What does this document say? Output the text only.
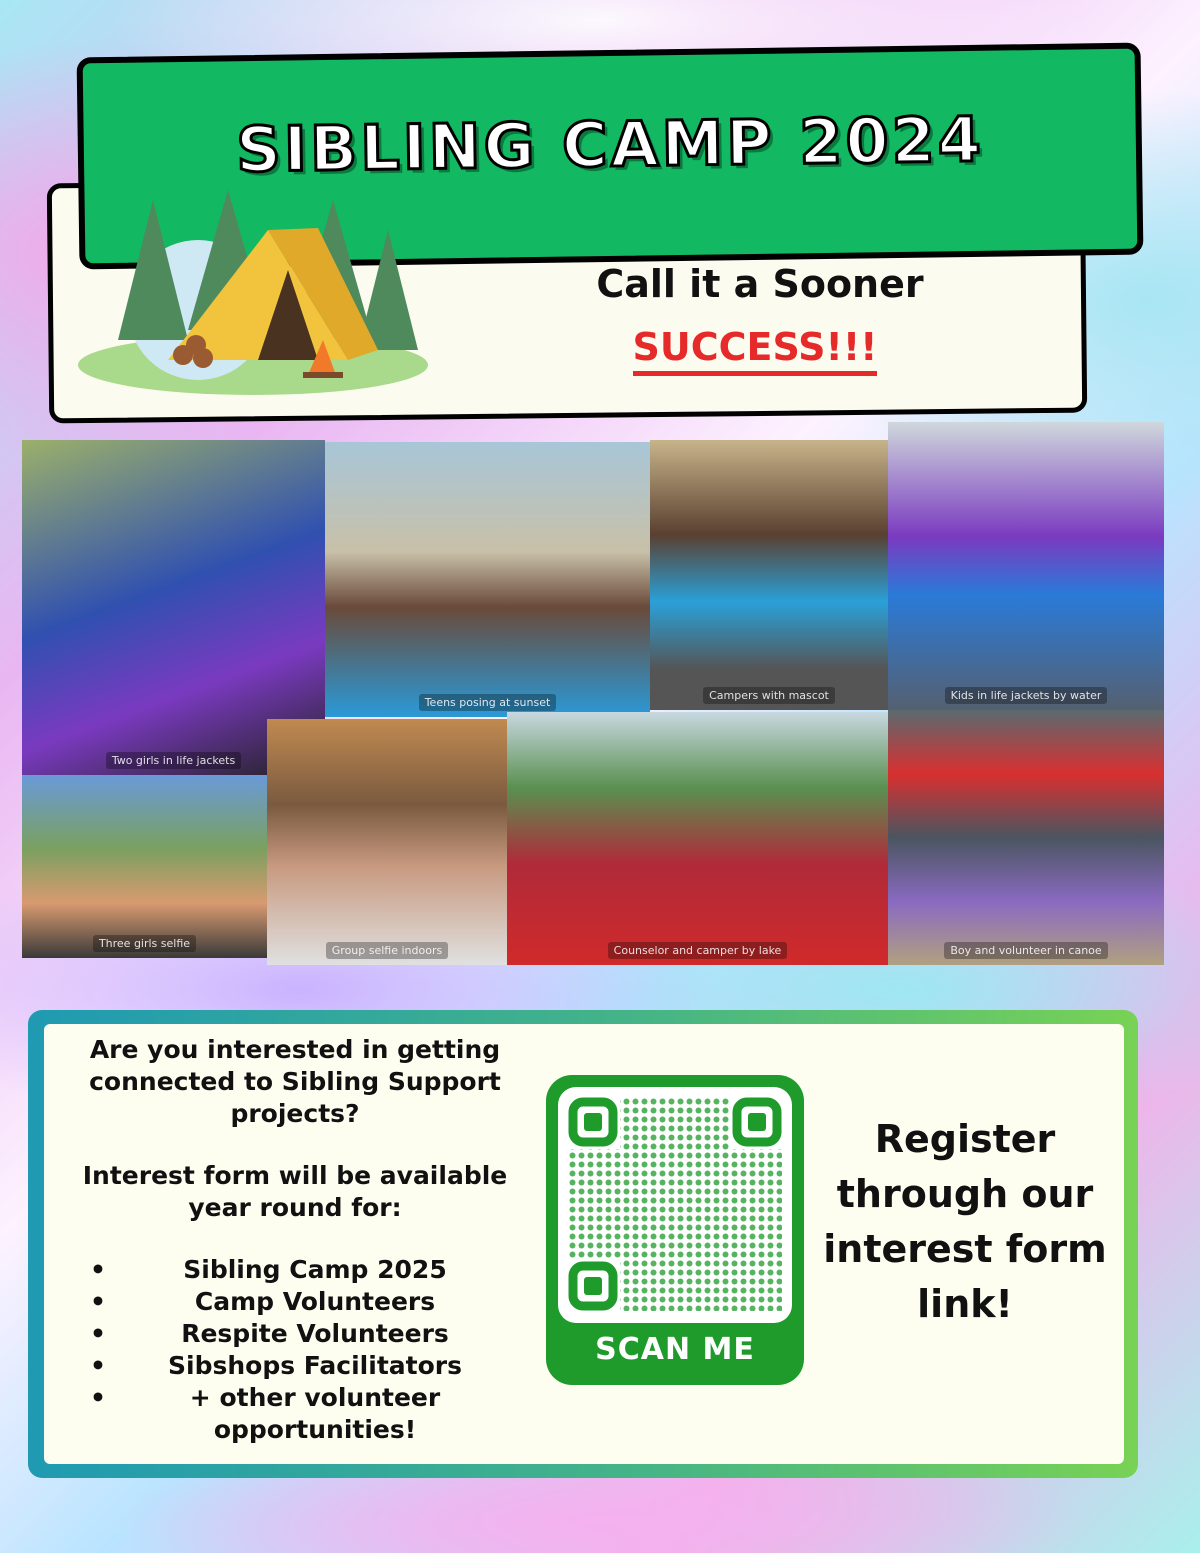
SIBLING CAMP 2024
Call it a Sooner
SUCCESS!!!
Two girls in life jackets
Teens posing at sunset
Campers with mascot	Kids in life jackets by water
Three girls selfie
Group selfie indoors	Counselor and camper by lake	Boy and volunteer in canoe
Are you interested in getting connected to Sibling Support projects?
Interest form will be available year round for:
•	Sibling Camp 2025
•	Camp Volunteers
•	Respite Volunteers
•	Sibshops Facilitators
•	+ other volunteer opportunities!
SCAN ME
Register through our interest form link!
